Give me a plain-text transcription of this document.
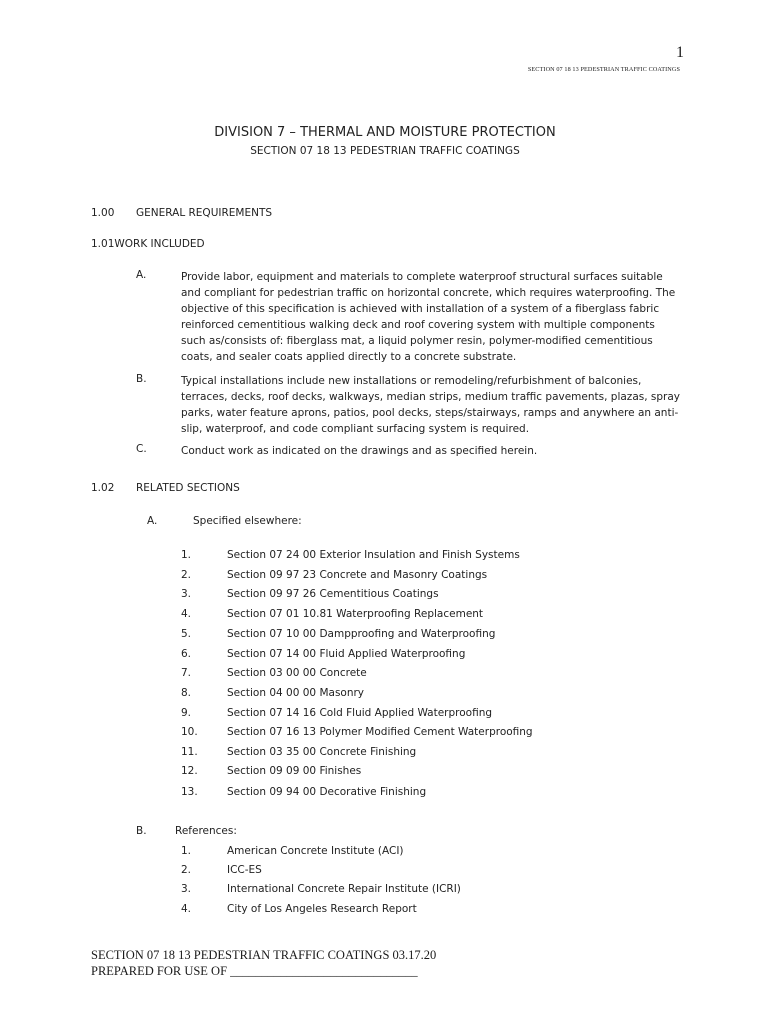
1
SECTION 07 18 13 PEDESTRIAN TRAFFIC COATINGS
DIVISION 7 – THERMAL AND MOISTURE PROTECTION
SECTION 07 18 13 PEDESTRIAN TRAFFIC COATINGS
1.00 GENERAL REQUIREMENTS
1.01WORK INCLUDED
A.	Provide labor, equipment and materials to complete waterproof structural surfaces suitable and compliant for pedestrian traffic on horizontal concrete, which requires waterproofing. The objective of this specification is achieved with installation of a system of a fiberglass fabric reinforced cementitious walking deck and roof covering system with multiple components such as/consists of: fiberglass mat, a liquid polymer resin, polymer-modified cementitious coats, and sealer coats applied directly to a concrete substrate.
B.	Typical installations include new installations or remodeling/refurbishment of balconies, terraces, decks, roof decks, walkways, median strips, medium traffic pavements, plazas, spray parks, water feature aprons, patios, pool decks, steps/stairways, ramps and anywhere an anti-slip, waterproof, and code compliant surfacing system is required.
C.	Conduct work as indicated on the drawings and as specified herein.
1.02 RELATED SECTIONS
A.	Specified elsewhere:
1.	Section 07 24 00 Exterior Insulation and Finish Systems
2.	Section 09 97 23 Concrete and Masonry Coatings
3.	Section 09 97 26 Cementitious Coatings
4.	Section 07 01 10.81 Waterproofing Replacement
5.	Section 07 10 00 Dampproofing and Waterproofing
6.	Section 07 14 00 Fluid Applied Waterproofing
7.	Section 03 00 00 Concrete
8.	Section 04 00 00 Masonry
9.	Section 07 14 16 Cold Fluid Applied Waterproofing
10.	Section 07 16 13 Polymer Modified Cement Waterproofing
11.	Section 03 35 00 Concrete Finishing
12.	Section 09 09 00 Finishes
13.	Section 09 94 00 Decorative Finishing
B.	References:
1.	American Concrete Institute (ACI)
2.	ICC-ES
3.	International Concrete Repair Institute (ICRI)
4.	City of Los Angeles Research Report
SECTION 07 18 13 PEDESTRIAN TRAFFIC COATINGS 03.17.20
PREPARED FOR USE OF ______________________________
